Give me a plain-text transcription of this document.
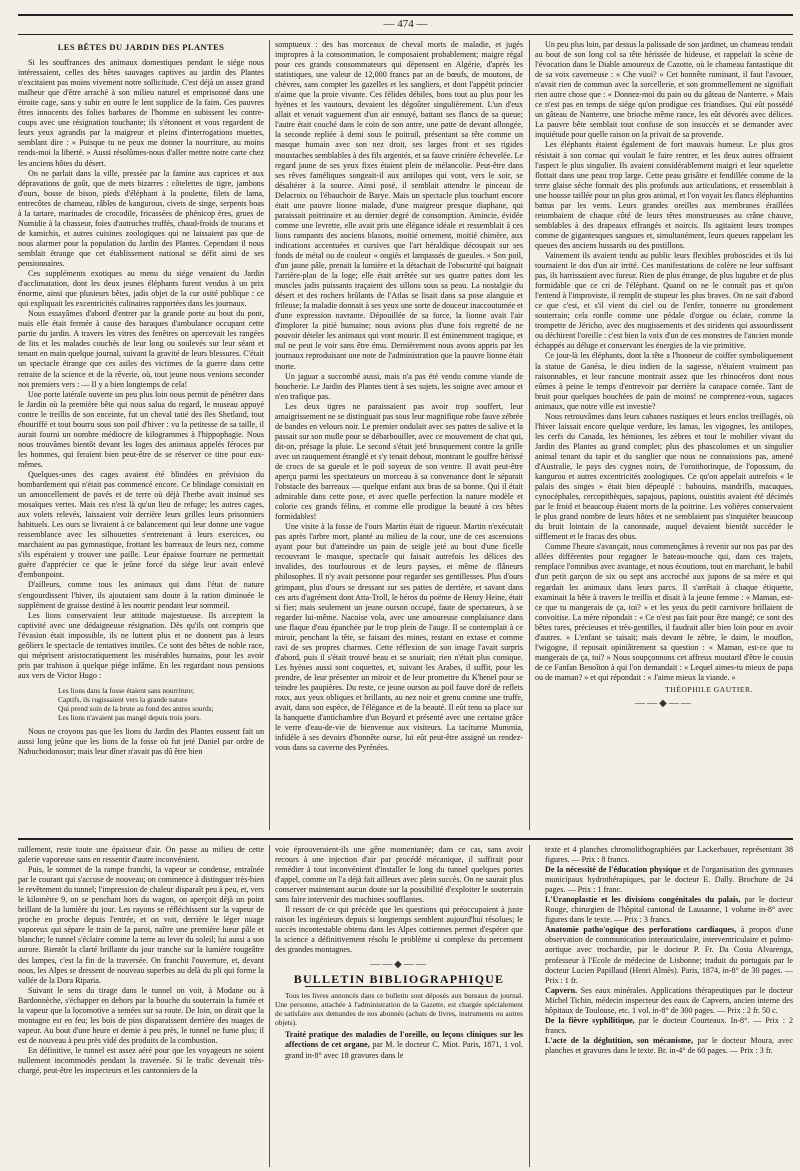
— 474 —
LES BÊTES DU JARDIN DES PLANTES

Si les souffrances des animaux domestiques pendant le siége nous intéressaient, celles des bêtes sauvages captives au jardin des Plantes n'excitaient pas moins vivement notre sollicitude. C'est déjà un assez grand malheur que d'être arraché à son milieu naturel et emprisonné dans une étroite cage, sans y subir en outre le lent supplice de la faim. Ces pauvres êtres innocents des folies barbares de l'homme en subissent les contre-coups avec une résignation touchante; ils s'étonnent et vous regardent de leurs yeux agrandis par la maigreur et pleins d'interrogations muettes, semblant dire : « Puisque tu ne peux me donner la nourriture, au moins rends-moi la liberté. » Aussi résolûmes-nous d'aller mettre notre carte chez les anciens hôtes du désert.

On ne parlait dans la ville, pressée par la famine aux caprices et aux dépravations de goût, que de mets bizarres : côtelettes de tigre, jambons d'ours, bosse de bison, pieds d'éléphant à la poulette, filets de lama, entrecôtes de chameau, râbles de kangurous, civets de singe, serpents boas à la tartare, marinades de crocodile, fricassées de phénicop ères, grues de Numidie à la chasseur, foies d'autruches truffés, chaud-froids de toucans et de kamichis, et autres cuisines zoologiques qui ne laissaient pas que de nous alarmer pour la population du Jardin des Plantes. Cependant il nous semblait étrange que cet établissement national se défit ainsi de ses pensionnaires.

Ces suppléments exotiques au menu du siége venaient du Jardin d'acclimatation, dont les deux jeunes éléphants furent vendus à un prix énorme, ainsi que plusieurs bêtes, jadis objet de la cur osité publique : ce qui expliquait les excentricités culinaires rapportées dans les journaux.

Nous essayâmes d'abord d'entrer par la grande porte au bout du pont, mais elle était fermée à cause des baraques d'ambulance occupant cette partie du jardin. A travers les vitres des fenêtres on apercevait les rangées de lits et les malades couchés de leur long ou soulevés sur leur séant et tenant en main quelque journal, suivant la gravité de leurs blessures. C'était un spectacle étrange que ces asiles des victimes de la guerre dans cette retraite de la science et de la rêverie, où, tout jeune nous venions seconder nos premiers vers : — Il y a bien longtemps de cela!

Une porte latérale ouverte un peu plus loin nous permit de pénétrer dans le Jardin où la première bête qui nous salua du regard, le museau appuyé contre le treillis de son enceinte, fut un cheval tatié des îles Shetland, tout ébouriffé et tout bourru sous son poil d'hiver : vu la petitesse de sa taille, il aurait fourni un nombre médiocre de kilogrammes à l'hippophagie. Nous nous trouvâmes bientôt devant les loges des animaux appelés féroces par les hommes, qui feraient bien peut-être de se réserver ce titre pour eux-mêmes.

Quelques-unes des cages avaient été blindées en prévision du bombardement qui n'était pas commencé encore. Ce blindage consistait en un amoncellement de pavés et de terre où déjà l'herbe avait insinué ses mosaïques vertes. Mais ces n'est là qu'un lieu de refuge; les autres cages, aux volets relevés, laissaient voir derrière leurs grilles leurs prisonniers habituels. Les ours se livraient à ce balancement qui leur donne une vague ressemblance avec les silhouettes s'entretenant à leurs exercices, ou marchaient au pas gymnastique, frottant les barreaux de leurs nez, comme s'ils espéraient y trouver une paille. Leur épaisse fourrure ne permettait guère d'apprécier ce que le jeûne forcé du siége leur avait enlevé d'embonpoint.

D'ailleurs, comme tous les animaux qui dans l'état de nature s'engourdissent l'hiver, ils ajoutaient sans doute à la ration diminuée le supplément de graisse destiné à les nourrir pendant leur sommeil.

Les lions conservaient leur attitude majestueuse. Ils acceptent la captivité avec une dédaigneuse résignation. Dès qu'ils ont compris que l'évasion était impossible, ils ne luttent plus et ne donnent pas à leurs geôliers le spectacle de tentatives inutiles. Ce sont des bêtes de noble race, qui méprisent aristocratiquement les misérables humains, pour les avoir pris par trahison à quelque piége infâme. En les regardant nous pensions aux vers de Victor Hugo :

Les lions dans la fosse étaient sans nourriture;
Captifs, ils rugissaient vers la grande nature
Qui prend soin de la brute au fond des antres sourds;
Les lions n'avaient pas mangé depuis trois jours.

Nous ne croyons pas que les lions du Jardin des Plantes eussent fait un aussi long jeûne que les lions de la fosse où fut jeté Daniel par ordre de Nabuchodonosor; mais leur dîner n'avait pas dû être bien

somptueux : des bas morceaux de cheval morts de maladie, et jugés impropres à la consommation, le composaient probablement; maigre régal pour ces grands consommateurs qui dépensent en Algérie, d'après les statistiques, une valeur de 12,000 francs par an de bœufs, de moutons, de chèvres, sans compter les gazelles et les sangliers, et dont l'appétit princier n'aime que la proie vivante. Ces félides débiles, bons tout au plus pour les hyènes et les vautours, devaient les dégoûter singulièrement. L'un d'eux allait et venait vaguement d'un air ennuyé, battant ses flancs de sa queue; l'autre était couché dans le coin de son antre, une patte de devant allongée, la seconde repliée à demi sous le poitrail, présentant sa tête comme un masque humain avec son nez droit, ses larges front et ses rigides moustaches semblables à des fils argentés, et sa fauve crinière échevelée. Le regard jaune de ses yeux fixes étaient plein de mélancolie. Peut-être dans ses rêves faméliques songeait-il aux antilopes qui vont, vers le soir, se désaltérer à la source. Ainsi posé, il semblait attendre le pinceau de Delacroix ou l'ébauchoir de Barye. Mais un spectacle plus touchant encore était une pauvre lionne malade, d'une maigreur presque diaphane, qui paraissait poitrinaire et au dernier degré de consomption. Amincie, évidée comme une levrette, elle avait pris une élégance idéale et ressemblait à ces lions rampants des anciens blasons, moitié ornement, moitié chimère, aux indications accentuées et cursives que l'art héraldique découpait sur ses fonds de métal ou de couleur « ongiés et lampassés de gueules. » Son poil, d'un jaune pâle, prenait la lumière et la détachait de l'obscurité qui baignait l'arrière-plan de la loge; elle était arrêtée sur ses quatre pattes dont les muscles jadis puissants traçaient des sillons sous sa peau. La nostalgie du désert et des rochers brûlants de l'Atlas se lisait dans sa pose alanguie et frileuse; la maladie donnait à ses yeux une sorte de douceur inaccoutumée et d'une expression navrante. Dépouillée de sa force, la lionne avait l'air d'implorer la pitié humaine; nous avions plus d'une fois regretté de ne pouvoir dételer les animaux qui vont mourir. Il est éminemment tragique, et nul ne peut le voir sans être ému. Dernièrement nous avons appris par les journaux reproduisant une note de l'administration que la pauvre lionne était morte.

Un jaguar a succombé aussi, mais n'a pas été vendu comme viande de boucherie. Le Jardin des Plantes tient à ses sujets, les soigne avec amour et n'en trafique pas.

Les deux tigres ne paraissaient pas avoir trop souffert, leur amaigrissement ne se distinguait pas sous leur magnifique robe fauve zébrée de bandes en velours noir. Le premier ondulait avec ses pattes de salive et la passait sur son mufle pour se débarbouiller, avec ce mouvement de chat qui, dit-on, présage la pluie. Le second s'était jeté brusquement contre la grille avec un rauquement étranglé et s'y tenait debout, montrant le gouffre hérissé de crocs de sa gueule et le poil soyeux de son ventre. Il avait peut-être aperçu parmi les spectateurs un morceau à sa convenance dont le séparait l'obstacle des barreaux — quelque enfant aux bras de sa bonne. Qui il était admirable dans cette pose, et avec quelle perfection la nature modèle et colorie ces grands félins, et comme elle prodigue la beauté à ces bêtes formidables!

Une visite à la fosse de l'ours Martin était de rigueur. Martin n'exécutait pas après l'arbre mort, planté au milieu de la cour, une de ces ascensions ayant pour but d'atteindre un pain de seigle jeté au bout d'une ficelle recouvrant le masque, spectacle qui faisait autrefois les délices des invalides, des tourlourous et de leurs payses, et même de flâneurs philosophes. Il n'y avait personne pour regarder ses gentillesses. Plus d'ours grimpant, plus d'ours se dressant sur ses pattes de derrière, et savant dans ces arts d'agrément dont Atta-Troll, le héros du poëme de Henry Heine, était si fier; mais seulement un jeune ourson occupé, faute de spectateurs, à se regarder lui-même. Nacoise vola, avec une amoureuse complaisance dans une flaque d'eau épanchée par le trop plein de l'auge. Il se contemplait à ce miroir, penchant la tête, se faisant des mines, restant en extase et comme ravi de ses propres charmes. Cette réflexion de son image l'avait surpris d'abord, puis il s'était trouvé beau et se souriait; rien n'était plus comique. Les hyènes aussi sont coquettes, et, suivant les Arabes, il suffit, pour les prendre, de leur présenter un miroir et de leur promettre du K'henel pour se teindre les paupières. Du reste, ce jeune ourson au poil fauve doré de reflets roux, aux yeux obliques et brillants, au nez noir et grenu comme une truffe, avait, dans son espèce, de l'élégance et de la beauté. Il eût tenu sa place sur la banquette d'antichambre d'un Boyard et présenté avec une certaine grâce le verre d'eau-de-vie de bienvenue aux visiteurs. La taciturne Mummia, infidèle à ses devoirs d'honnête ourse, lui eût peut-être assigné un rendez-vous dans sa caverne des Pyrénées.

Un peu plus loin, par dessus la palissade de son jardinet, un chameau tendait au bout de son long col sa tête hérissée de hideuse, et rappelait la scène de l'évocation dans le Diable amoureux de Cazotte, où le chameau fantastique dit de sa voix caverneuse : « Che vuoi? » Cet honnête ruminant, il faut l'avouer, n'avait rien de commun avec la sorcellerie, et son grommellement ne signifiait rien autre chose que : « Donnez-moi du pain ou du gâteau de Nanterre. » Mais ce n'est pas en temps de siége qu'on prodigue ces friandises. Qui eût possédé un gâteau de Nanterre, une brioche même rance, les eût dévorés avec délices. La pauvre bête semblait tout confuse de son insuccès et se demander avec inquiétude pour quelle raison on la privait de sa provende.

Les éléphants étaient également de fort mauvais humeur. Le plus gros résistait à son cornac qui voulait le faire rentrer, et les deux autres offraient l'aspect le plus singulier. Ils avaient considérablement maigri et leur squelette flottait dans une peau trop large. Cette peau grisâtre et fendillée comme de la terre glaise sèche formait des plis profonds aux articulations, et ressemblait à une housse taillée pour un plus gros animal, et l'on voyait les flancs éléphantins battus par les vents. Leurs grandes oreilles aux membranes éraillées retombaient de chaque côté de leurs têtes monstrueuses au crâne chauve, semblables à des drapeaux effrangés et noircis. Ils agitaient leurs trompes comme de gigantesques sangsues et, simultanément, leurs queues rappelant les queues des anciens hussards ou des postillons.

Vainement ils avaient tendu au public leurs flexibles proboscides et ils lui tournaient le dos d'un air irrité. Ces manifestations de colère ne leur suffisant pas, ils barrissaient avec fureur. Rien de plus étrange, de plus lugubre et de plus formidable que ce cri de l'éléphant. Quand on ne le connaît pas et qu'on l'entend à l'improviste, il remplit de stupeur les plus braves. On ne sait d'abord ce que c'est, et s'il vient du ciel ou de l'enfer, tonnerre ou grondement souterrain; cela ronfle comme une pédale d'orgue ou éclate, comme la trompette de Jéricho, avec des mugissements et des stridents qui assourdissent ou déchirent l'oreille : c'est bien la voix d'un de ces monstres de l'ancien monde échappés au déluge et conservant les énergies de la vie primitive.

Ce jour-là les éléphants, dont la tête a l'honneur de coiffer symboliquement la statue de Ganésa, le dieu indien de la sagesse, n'étaient vraiment pas raisonnables, et leur rancune montrait assez que les rhinocéros dont nous eûmes à peine le temps d'entrevoir par derrière la carapace cornée. Tant de bruit pour quelques bouchées de pain de moins! ne comprenez-vous, sagaces animaux, que notre ville est investie?

Nous retrouvâmes dans leurs cabanes rustiques et leurs enclos treillagés, où l'hiver laissait encore quelque verdure, les lamas, les vigognes, les antilopes, les cerfs du Canada, les hémiones, les zèbres et tout le mobilier vivant du Jardin des Plantes au grand complet; plus des phascolomes et un singulier animal tenant du tapir et du sanglier que nous ne connaissions pas, amené d'Australie, le pays des cygnes noirs, de l'ornithorinque, de l'opossum, du kangurou et autres excentricités zoologiques. Ce qu'on appelait autrefois « le palais des singes » était bien dépeuplé : babouins, mandrills, macaques, cynocéphales, cercopithèques, sapajous, papions, ouistitis avaient été décimés par le froid et beaucoup étaient morts de la poitrine. Les volières conservaient le plus grand nombre de leurs hôtes et ne semblaient pas s'inquiéter beaucoup du bruit lointain de la canonnade, auquel devaient bientôt succéder le sifflement et le fracas des obus.

Comme l'heure s'avançait, nous commençâmes à revenir sur nos pas par des allées différentes pour regagner le bateau-mouche qui, dans ces trajets, remplace l'omnibus avec avantage, et nous écoutions, tout en marchant, le babil d'un petit garçon de six ou sept ans accroché aux jupons de sa mère et qui regardait les animaux dans leurs parcs. Il s'arrêtait à chaque étiquette, examinait la bête à travers le treillis et disait à la jeune femme : « Maman, est-ce que tu mangerais de ça, toi? » et les yeux du petit carnivore brillaient de convoitise. La mère répondait : « Ce n'est pas fait pour être mangé; ce sont des bêtes rares, précieuses et très-gentilles, il faudrait aller bien loin pour en avoir d'autres. » L'enfant se taisait; mais devant le zèbre, le daim, le mouflon, l'wigogne, il reposait opiniâtrement sa question : « Maman, est-ce que tu mangerais de ça, toi? » Nous soupçonnons cet affreux moutard d'être le cousin de ce Fanfan Benoîton à qui l'on demandait : « Lequel aimes-tu mieux de papa ou de maman? » et qui répondait : « J'aime mieux la viande. »

THÉOPHILE GAUTIER.
——◆——

raillement, reste toute une épaisseur d'air. On passe au milieu de cette galerie vaporeuse sans en ressentir d'autre inconvénient.

Puis, le sommet de la rampe franchi, la vapeur se condense, entraînée par le courant qui s'accuse de nouveau; on commence à distinguer très-bien le revêtement du tunnel; l'impression de chaleur disparaît peu à peu, et, vers le kilomètre 9, on se penchant hors du wagon, on aperçoit déjà un point brillant de la lumière du jour. Les rayons se réfléchissent sur la vapeur de proche en proche depuis l'entrée, et on voit, derrière le léger nuage vaporeux qui sépare le train de la paroi, naître une première lueur pâle et blanche; le tunnel s'éclaire comme la terre au lever du soleil; lui aussi a son aurore. Bientôt la clarté brillante du jour tranche sur la lumière rougeâtre des lampes, c'est la fin de la traversée. On franchit l'ouverture, et, devant nous, les Alpes se dressent de nouveau superbes au delà du pli qui forme la vallée de la Dora Riparia.

Suivant le sens du tirage dans le tunnel on voit, à Modane ou à Bardonnèche, s'échapper en dehors par la bouche du souterrain la fumée et la vapeur que la locomotive a semées sur sa route. De loin, on dirait que la montagne est en feu; les bois de pins disparaissent derrière des nuages de vapeur. Au bout d'une heure et demie à peu près, le tunnel ne fume plus; il est de nouveau à peu près vidé des produits de la combustion.

En définitive, le tunnel est assez aéré pour que les voyageurs ne soient nullement incommodés pendant la traversée. Si le trafic devenait très-chargé, peut-être les inspecteurs et les cantonniers de la

voie éprouveraient-ils une gêne momentanée; dans ce cas, sans avoir recours à une injection d'air par procédé mécanique, il suffirait pour remédier à tout inconvénient d'installer le long du tunnel quelques portes d'appel, comme on l'a déjà fait ailleurs avec plein succès. On ne saurait plus conserver maintenant aucun doute sur la possibilité d'exploiter le souterrain sans faire intervenir des machines soufflantes.

Il ressort de ce qui précède que les questions qui préoccupaient à juste raison les ingénieurs depuis si longtemps semblent aujourd'hui résolues; le succès incontestable obtenu dans les Alpes cottiennes permet d'espérer que la science a définitivement résolu le problème si complexe du percement des grandes montagnes.

——◆——
BULLETIN BIBLIOGRAPHIQUE

Tous les livres annoncés dans ce bulletin sont déposés aux bureaux du journal. Une personne, attachée à l'administration de la Gazette, est chargée spécialement de satisfaire aux demandes de nos abonnés (achats de livres, instruments ou autres objets).

Traité pratique des maladies de l'oreille, ou leçons cliniques sur les affections de cet organe, par M. le docteur C. Miot. Paris, 1871, 1 vol. grand in-8° avec 18 gravures dans le

texte et 4 planches chromolithographiées par Lackerbauer, représentant 38 figures. — Prix : 8 francs.

De la nécessité de l'éducation physique et de l'organisation des gymnases municipaux hydrothérapiques, par le docteur E. Dally. Brochure de 24 pages. — Prix : 1 franc.

L'Uranoplastie et les divisions congénitales du palais, par le docteur Rouge, chirurgien de l'hôpital cantonal de Lausanne, 1 volume in-8° avec figures dans le texte. — Prix : 3 francs.

Anatomie patho'ogique des perforations cardiaques, à propos d'une observation de communication interauriculaire, interventriculaire et pulmo-aortique avec trochardie, par le docteur P. Fr. Da Costa Alvarenga, professeur à l'Ecole de médecine de Lisbonne; traduit du portugais par le docteur Lucien Papillaud (Henri Almès). Paris, 1874, in-8° de 30 pages. — Prix : 1 fr.

Capvern. Ses eaux minérales. Applications thérapeutiques par le docteur Michel Tichin, médecin inspecteur des eaux de Capvern, ancien interne des hôpitaux de Toulouse, etc. 1 vol. in-8° de 300 pages. — Prix : 2 fr. 50 c.

De la fièvre syphilitique, par le docteur Courteaux. In-8°. — Prix : 2 francs.

L'acte de la déglutition, son mécanisme, par le docteur Moura, avec planches et gravures dans le texte. Br. in-4° de 60 pages. — Prix : 3 fr.
